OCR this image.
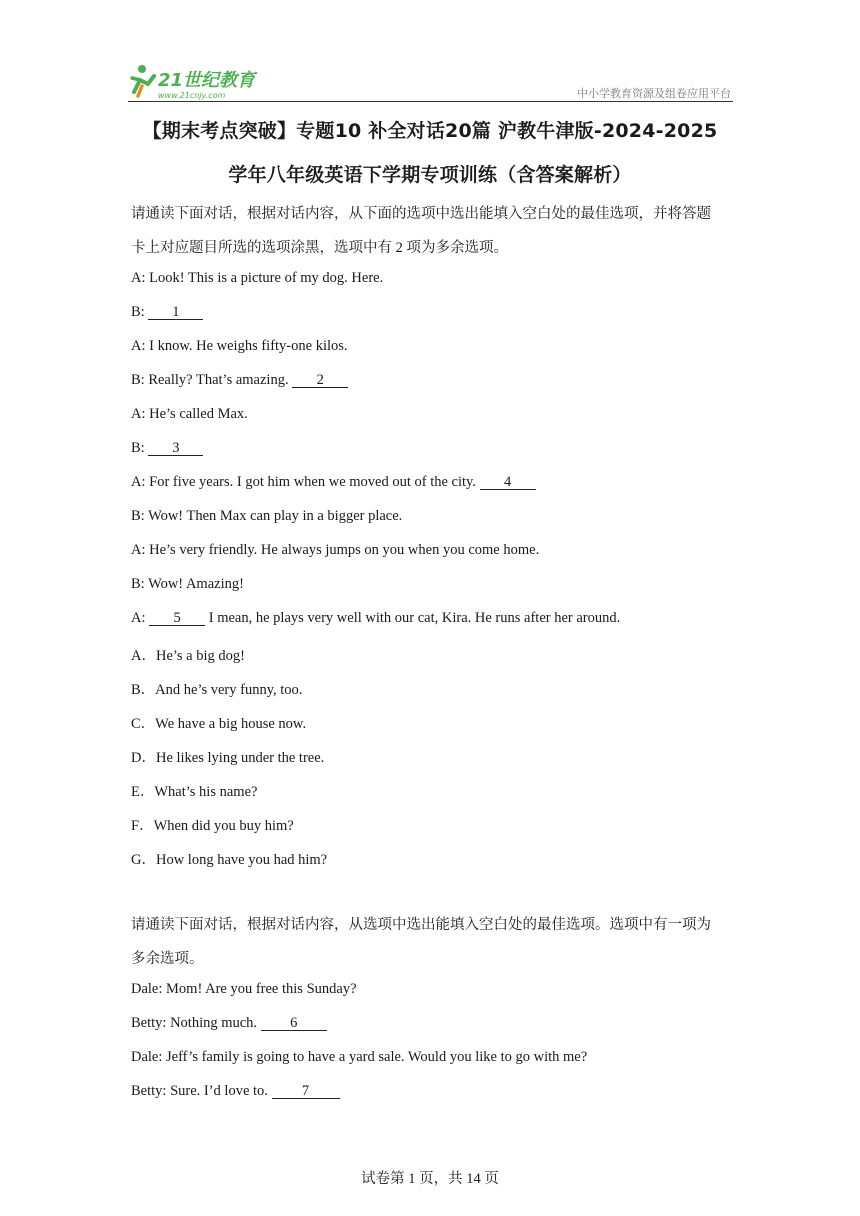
21世纪教育
www.21cnjy.com	中小学教育资源及组卷应用平台
【期末考点突破】专题10 补全对话20篇 沪教牛津版-2024-2025
学年八年级英语下学期专项训练（含答案解析）
请通读下面对话，根据对话内容，从下面的选项中选出能填入空白处的最佳选项，并将答题
卡上对应题目所选的选项涂黑，选项中有 2 项为多余选项。
A: Look! This is a picture of my dog. Here.
B: 1
A: I know. He weighs fifty-one kilos.
B: Really? That’s amazing. 2
A: He’s called Max.
B: 3
A: For five years. I got him when we moved out of the city. 4
B: Wow! Then Max can play in a bigger place.
A: He’s very friendly. He always jumps on you when you come home.
B: Wow! Amazing!
A: 5 I mean, he plays very well with our cat, Kira. He runs after her around.
A．He’s a big dog!
B．And he’s very funny, too.
C．We have a big house now.
D．He likes lying under the tree.
E．What’s his name?
F．When did you buy him?
G．How long have you had him?
请通读下面对话，根据对话内容，从选项中选出能填入空白处的最佳选项。选项中有一项为
多余选项。
Dale: Mom! Are you free this Sunday?
Betty: Nothing much. 6
Dale: Jeff’s family is going to have a yard sale. Would you like to go with me?
Betty: Sure. I’d love to. 7
试卷第 1 页，共 14 页
